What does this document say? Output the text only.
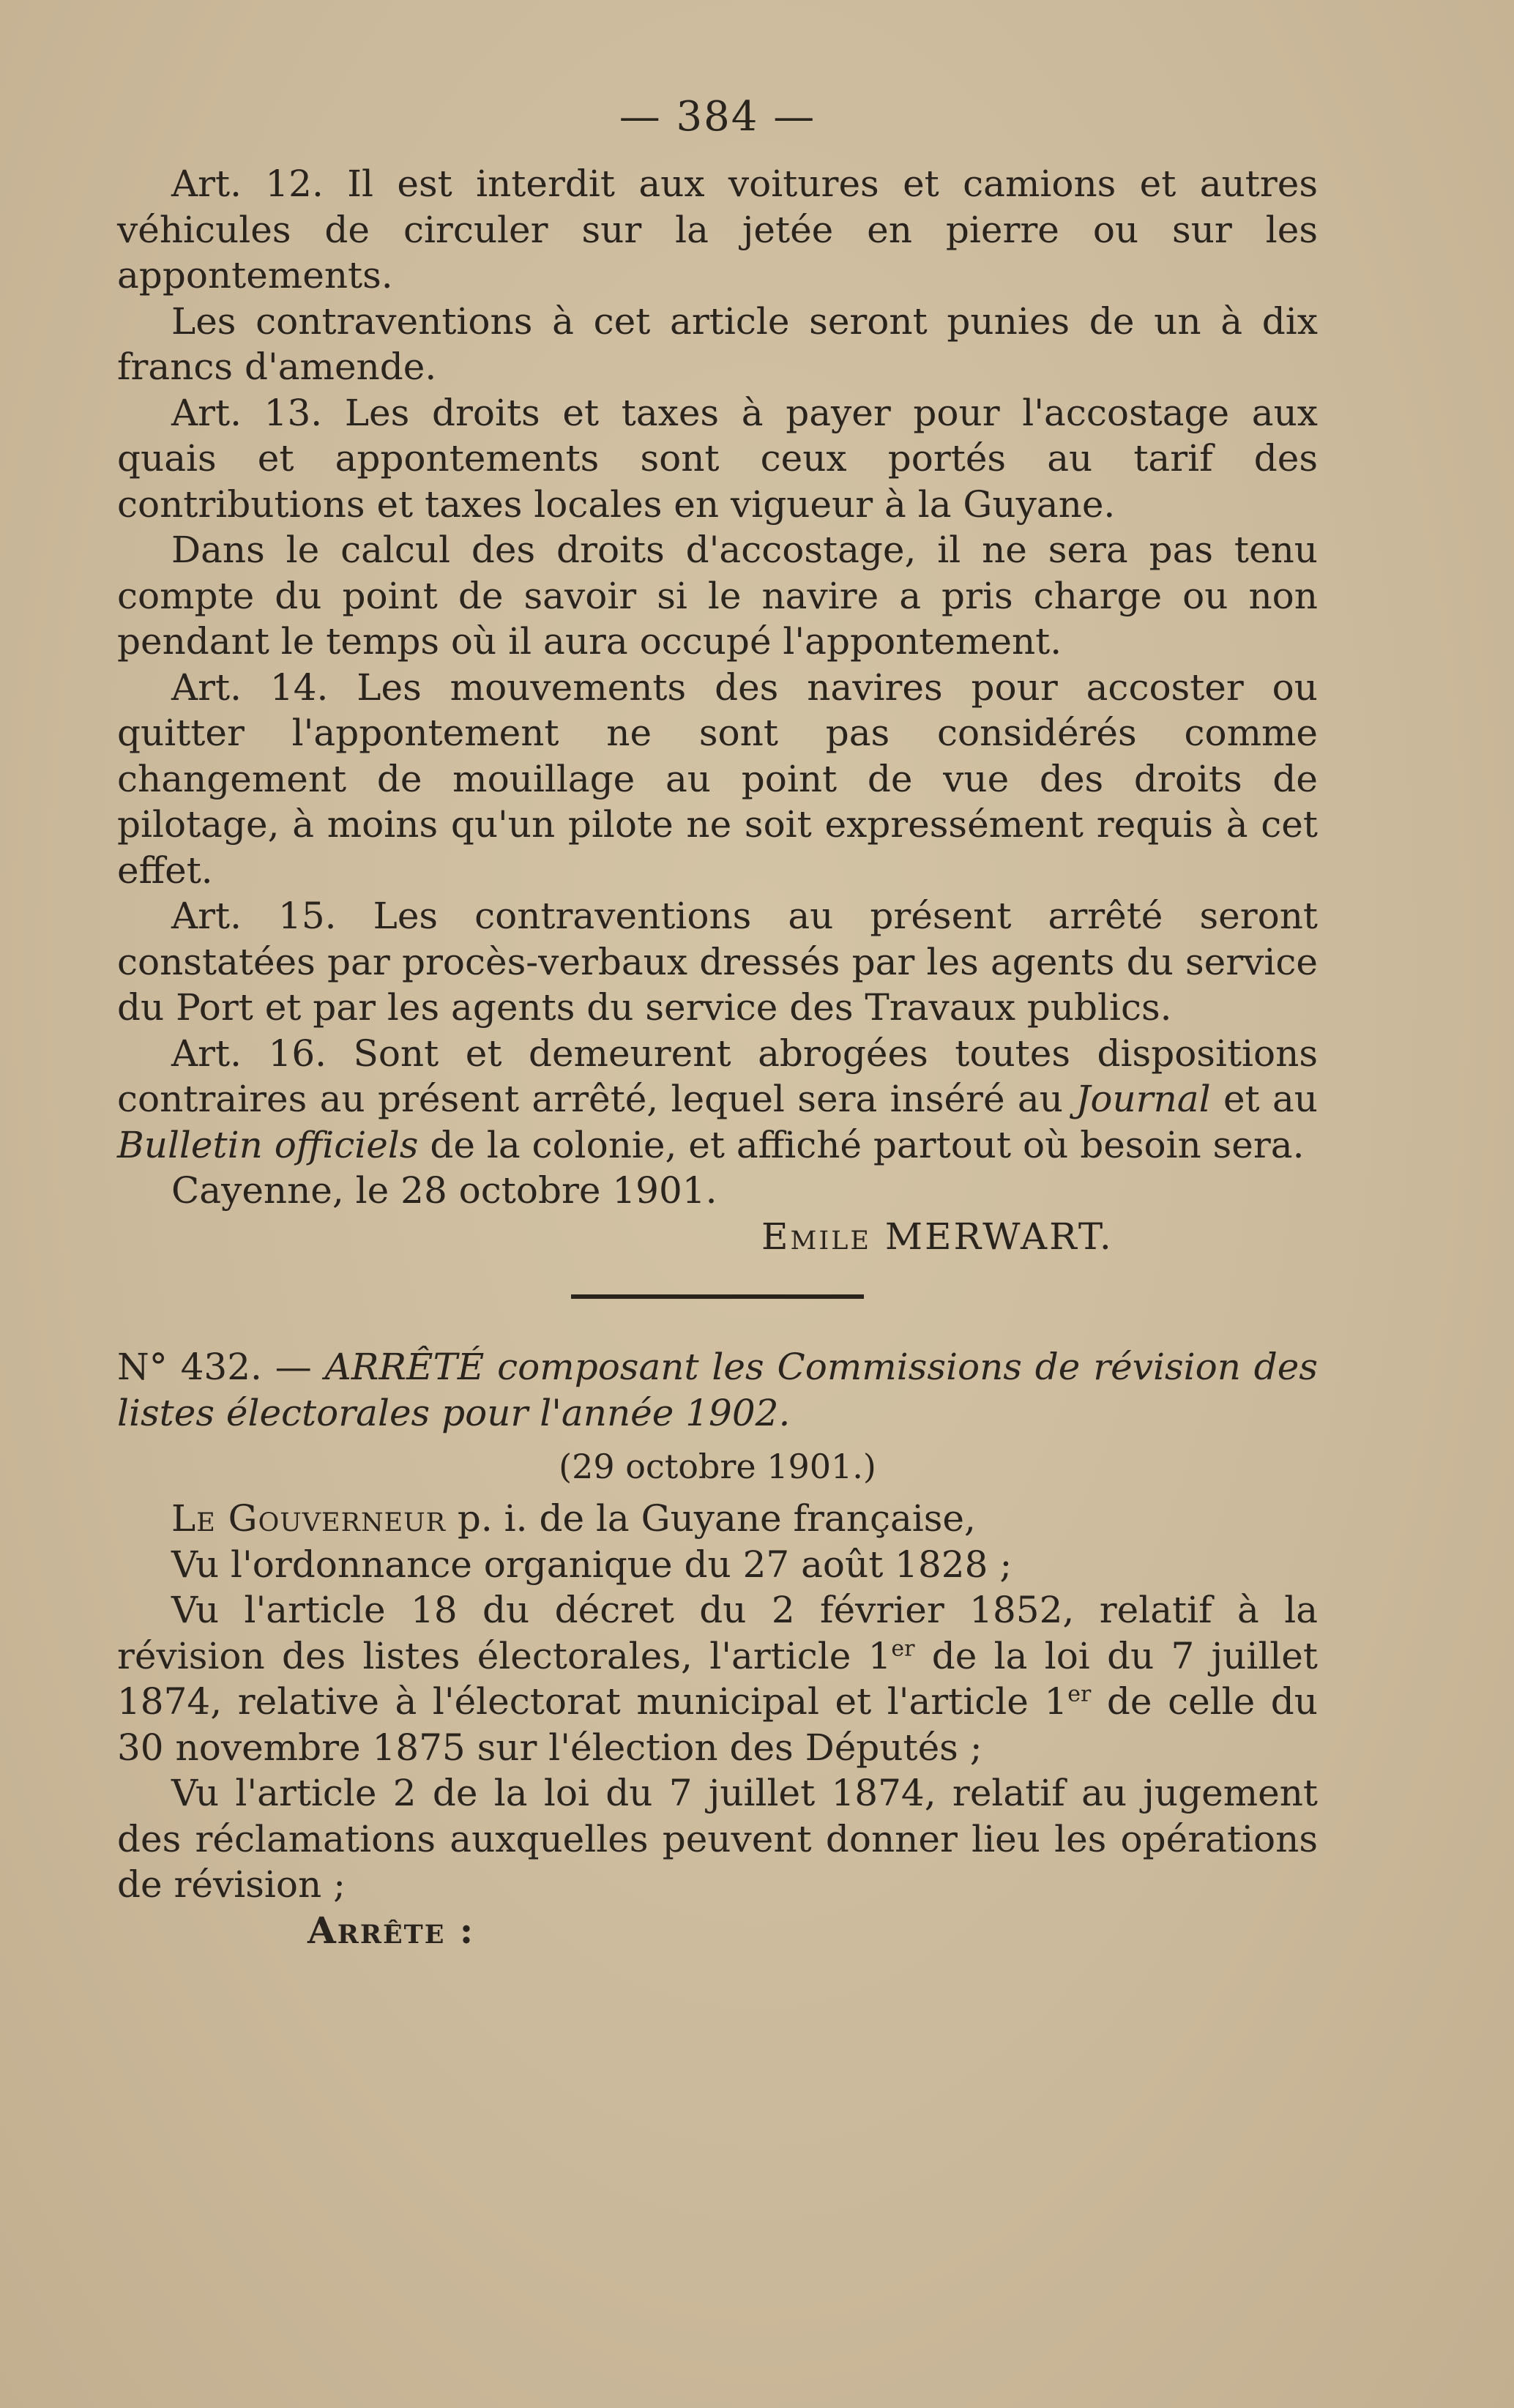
— 384 —

Art. 12. Il est interdit aux voitures et camions et autres véhicules de circuler sur la jetée en pierre ou sur les appontements.

Les contraventions à cet article seront punies de un à dix francs d'amende.

Art. 13. Les droits et taxes à payer pour l'accostage aux quais et appontements sont ceux portés au tarif des contributions et taxes locales en vigueur à la Guyane.

Dans le calcul des droits d'accostage, il ne sera pas tenu compte du point de savoir si le navire a pris charge ou non pendant le temps où il aura occupé l'appontement.

Art. 14. Les mouvements des navires pour accoster ou quitter l'appontement ne sont pas considérés comme changement de mouillage au point de vue des droits de pilotage, à moins qu'un pilote ne soit expressément requis à cet effet.

Art. 15. Les contraventions au présent arrêté seront constatées par procès-verbaux dressés par les agents du service du Port et par les agents du service des Travaux publics.

Art. 16. Sont et demeurent abrogées toutes dispositions contraires au présent arrêté, lequel sera inséré au Journal et au Bulletin officiels de la colonie, et affiché partout où besoin sera.

Cayenne, le 28 octobre 1901.

Emile MERWART.

N° 432. — ARRÊTÉ composant les Commissions de révision des listes électorales pour l'année 1902.

(29 octobre 1901.)

Le Gouverneur p. i. de la Guyane française,

Vu l'ordonnance organique du 27 août 1828 ;

Vu l'article 18 du décret du 2 février 1852, relatif à la révision des listes électorales, l'article 1er de la loi du 7 juillet 1874, relative à l'électorat municipal et l'article 1er de celle du 30 novembre 1875 sur l'élection des Députés ;

Vu l'article 2 de la loi du 7 juillet 1874, relatif au jugement des réclamations auxquelles peuvent donner lieu les opérations de révision ;

Arrête :
